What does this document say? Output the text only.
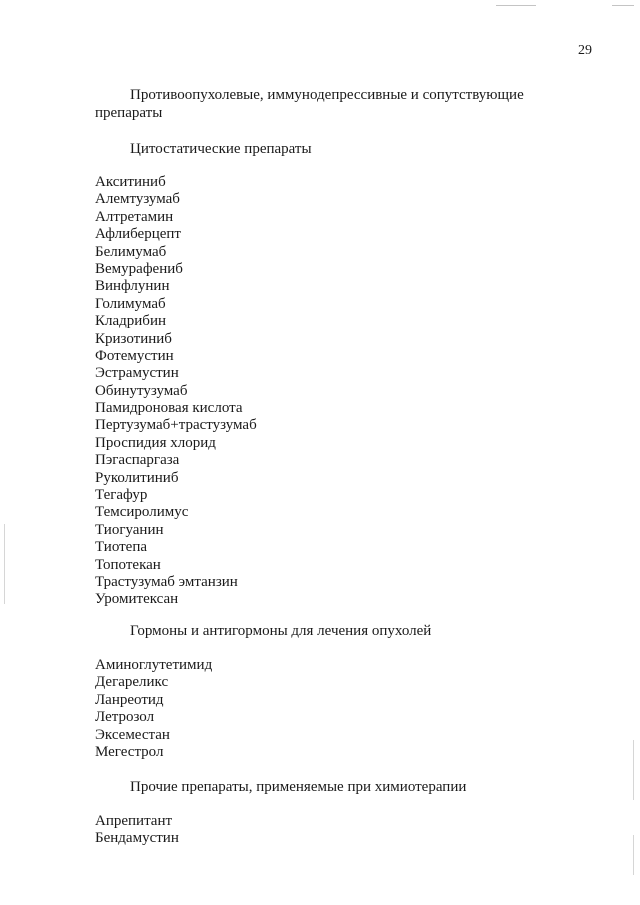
29
Противоопухолевые, иммунодепрессивные и сопутствующие препараты
Цитостатические препараты
Акситиниб
Алемтузумаб
Алтретамин
Афлиберцепт
Белимумаб
Вемурафениб
Винфлунин
Голимумаб
Кладрибин
Кризотиниб
Фотемустин
Эстрамустин
Обинутузумаб
Памидроновая кислота
Пертузумаб+трастузумаб
Проспидия хлорид
Пэгаспаргаза
Руколитиниб
Тегафур
Темсиролимус
Тиогуанин
Тиотепа
Топотекан
Трастузумаб эмтанзин
Уромитексан
Гормоны и антигормоны для лечения опухолей
Аминоглутетимид
Дегареликс
Ланреотид
Летрозол
Эксеместан
Мегестрол
Прочие препараты, применяемые при химиотерапии
Апрепитант
Бендамустин
